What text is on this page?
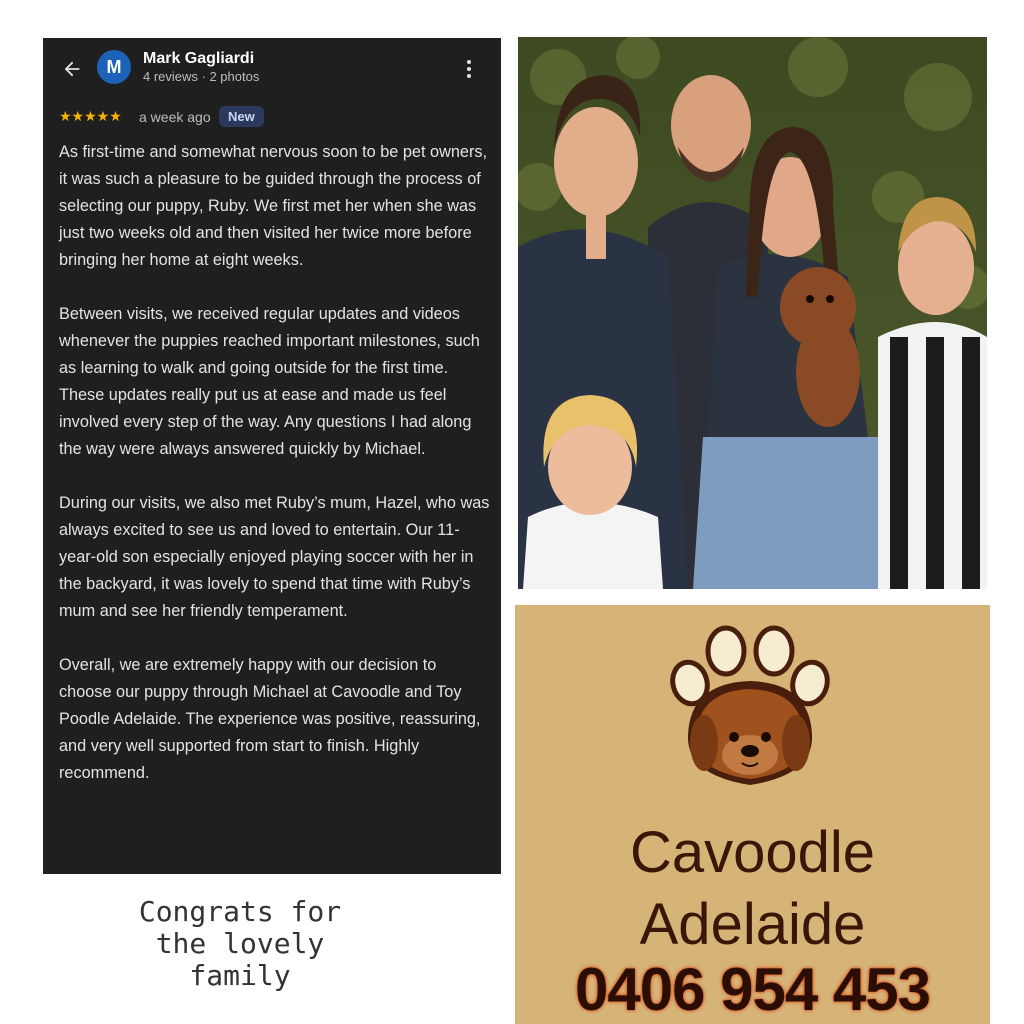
M	Mark Gagliardi
4 reviews · 2 photos
★★★★★ a week ago	New

As first-time and somewhat nervous soon to be pet owners, it was such a pleasure to be guided through the process of selecting our puppy, Ruby. We first met her when she was just two weeks old and then visited her twice more before bringing her home at eight weeks.

Between visits, we received regular updates and videos whenever the puppies reached important milestones, such as learning to walk and going outside for the first time. These updates really put us at ease and made us feel involved every step of the way. Any questions I had along the way were always answered quickly by Michael.

During our visits, we also met Ruby’s mum, Hazel, who was always excited to see us and loved to entertain. Our 11-year-old son especially enjoyed playing soccer with her in the backyard, it was lovely to spend that time with Ruby’s mum and see her friendly temperament.

Overall, we are extremely happy with our decision to choose our puppy through Michael at Cavoodle and Toy Poodle Adelaide. The experience was positive, reassuring, and very well supported from start to finish. Highly recommend.

Congrats for
the lovely
family
Cavoodle
Adelaide
0406 954 453
